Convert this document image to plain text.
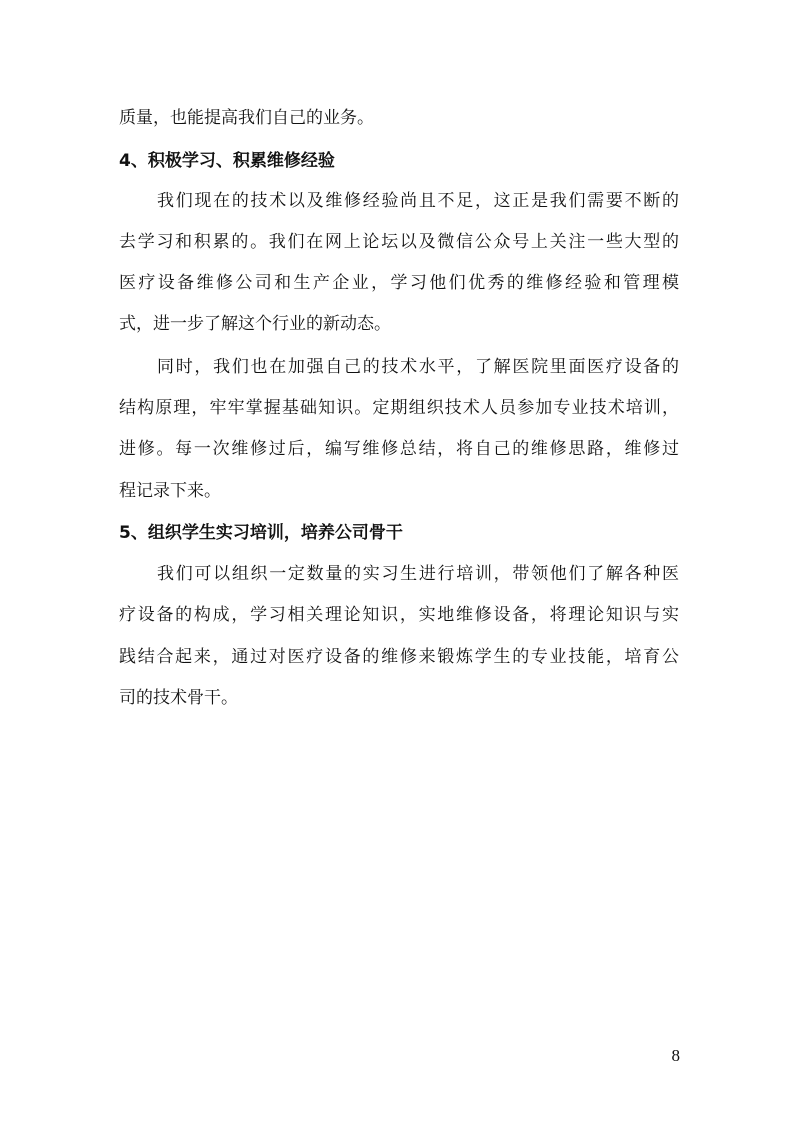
质量，也能提高我们自己的业务。
4、积极学习、积累维修经验
我们现在的技术以及维修经验尚且不足，这正是我们需要不断的
去学习和积累的。我们在网上论坛以及微信公众号上关注一些大型的
医疗设备维修公司和生产企业，学习他们优秀的维修经验和管理模
式，进一步了解这个行业的新动态。
同时，我们也在加强自己的技术水平，了解医院里面医疗设备的
结构原理，牢牢掌握基础知识。定期组织技术人员参加专业技术培训，
进修。每一次维修过后，编写维修总结，将自己的维修思路，维修过
程记录下来。
5、组织学生实习培训，培养公司骨干
我们可以组织一定数量的实习生进行培训，带领他们了解各种医
疗设备的构成，学习相关理论知识，实地维修设备，将理论知识与实
践结合起来，通过对医疗设备的维修来锻炼学生的专业技能，培育公
司的技术骨干。
8
